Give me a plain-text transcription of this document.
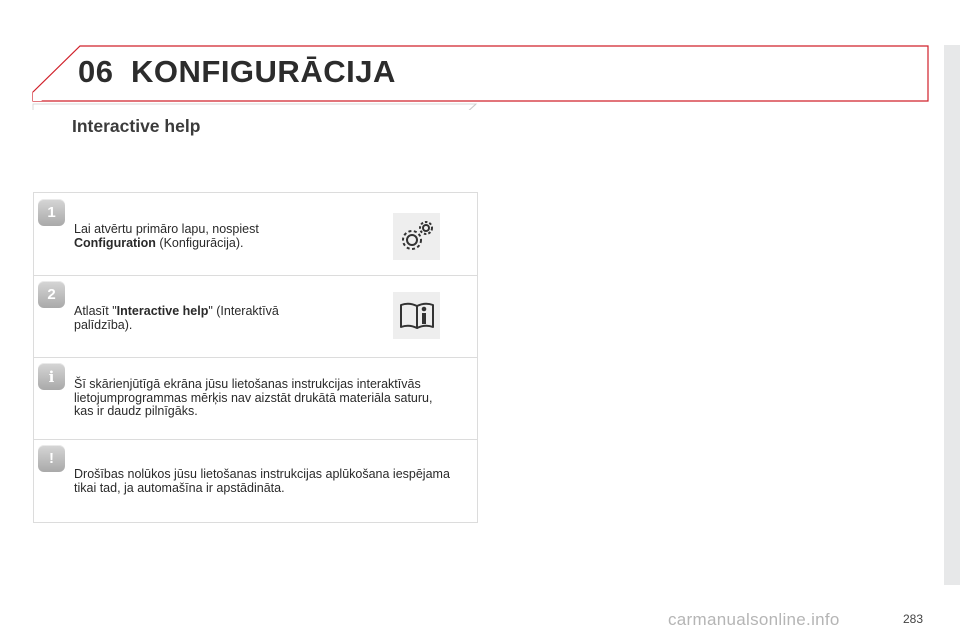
06 KONFIGURĀCIJA
Interactive help
1
Lai atvērtu primāro lapu, nospiest
Configuration (Konfigurācija).
2
Atlasīt "Interactive help" (Interaktīvā
palīdzība).
i	Šī skārienjūtīgā ekrāna jūsu lietošanas instrukcijas interaktīvās
lietojumprogrammas mērķis nav aizstāt drukātā materiāla saturu,
kas ir daudz pilnīgāks.
!
Drošības nolūkos jūsu lietošanas instrukcijas aplūkošana iespējama
tikai tad, ja automašīna ir apstādināta.
carmanualsonline.info	283
